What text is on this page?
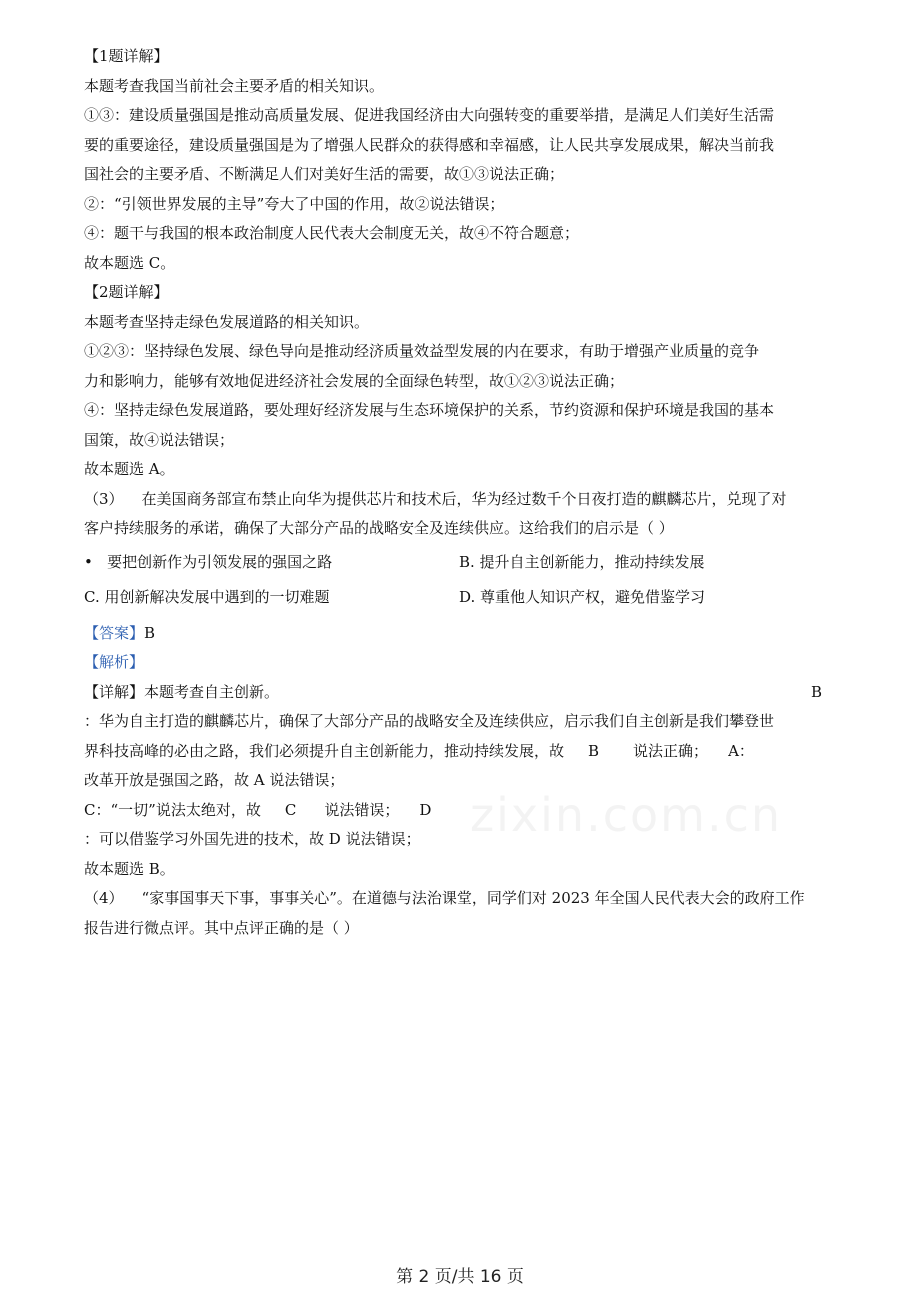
【1题详解】

本题考查我国当前社会主要矛盾的相关知识。

①③：建设质量强国是推动高质量发展、促进我国经济由大向强转变的重要举措，是满足人们美好生活需

要的重要途径，建设质量强国是为了增强人民群众的获得感和幸福感，让人民共享发展成果，解决当前我

国社会的主要矛盾、不断满足人们对美好生活的需要，故①③说法正确；

②：“引领世界发展的主导”夸大了中国的作用，故②说法错误；

④：题干与我国的根本政治制度人民代表大会制度无关，故④不符合题意；

故本题选 C。

【2题详解】

本题考查坚持走绿色发展道路的相关知识。

①②③：坚持绿色发展、绿色导向是推动经济质量效益型发展的内在要求，有助于增强产业质量的竞争

力和影响力，能够有效地促进经济社会发展的全面绿色转型，故①②③说法正确；

④：坚持走绿色发展道路，要处理好经济发展与生态环境保护的关系，节约资源和保护环境是我国的基本

国策，故④说法错误；

故本题选 A。

（3） 在美国商务部宣布禁止向华为提供芯片和技术后，华为经过数千个日夜打造的麒麟芯片，兑现了对

客户持续服务的承诺，确保了大部分产品的战略安全及连续供应。这给我们的启示是（ ）

• 要把创新作为引领发展的强国之路	B. 提升自主创新能力，推动持续发展
C. 用创新解决发展中遇到的一切难题	D. 尊重他人知识产权，避免借鉴学习

【答案】B

【解析】

【详解】本题考查自主创新。	B

：华为自主打造的麒麟芯片，确保了大部分产品的战略安全及连续供应，启示我们自主创新是我们攀登世

界科技高峰的必由之路，我们必须提升自主创新能力，推动持续发展，故 B 说法正确； A：

改革开放是强国之路，故 A 说法错误；

C：“一切”说法太绝对，故 C 说法错误； D

：可以借鉴学习外国先进的技术，故 D 说法错误；

故本题选 B。

（4） “家事国事天下事，事事关心”。在道德与法治课堂，同学们对 2023 年全国人民代表大会的政府工作

报告进行微点评。其中点评正确的是（ ）

zixin.com.cn
第 2 页/共 16 页
